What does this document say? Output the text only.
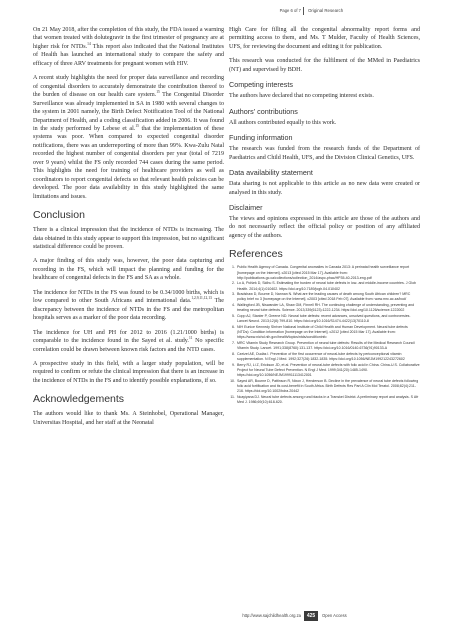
Page 6 of 7 Original Research

On 21 May 2018, after the completion of this study, the FDA issued a warning that women treated with dolutegravir in the first trimester of pregnancy are at higher risk for NTDs.$^{14}$ This report also indicated that the National Institutes of Health has launched an international study to compare the safety and efficacy of three ARV treatments for pregnant women with HIV.

A recent study highlights the need for proper data surveillance and recording of congenital disorders to accurately demonstrate the contribution thereof to the burden of disease on our health care system.$^{15}$ The Congenital Disorder Surveillance was already implemented in SA in 1980 with several changes to the system in 2001 namely, the Birth Defect Notification Tool of the National Department of Health, and a coding classification added in 2006. It was found in the study performed by Lebese et al.$^{15}$ that the implementation of these systems was poor. When compared to expected congenital disorder notifications, there was an underreporting of more than 99%. Kwa-Zulu Natal recorded the highest number of congenital disorders per year (total of 7219 over 9 years) whilst the FS only recorded 744 cases during the same period. This highlights the need for training of healthcare providers as well as coordinators to report congenital defects so that relevant health policies can be developed. The poor data availability in this study highlighted the same limitations and issues.

Conclusion

There is a clinical impression that the incidence of NTDs is increasing. The data obtained in this study appear to support this impression, but no significant statistical difference could be proven.

A major finding of this study was, however, the poor data capturing and recording in the FS, which will impact the planning and funding for the healthcare of congenital defects in the FS and SA as a whole.

The incidence for NTDs in the FS was found to be 0.34/1000 births, which is low compared to other South Africans and international data.$^{1,2,9,11,12,13}$ The discrepancy between the incidence of NTDs in the FS and the metropolitan hospitals serves as a marker of the poor data recording.

The incidence for UH and PH for 2012 to 2016 (1.21/1000 births) is comparable to the incidence found in the Sayed et al. study.$^{11}$ No specific correlation could be drawn between known risk factors and the NTD cases.

A prospective study in this field, with a larger study population, will be required to confirm or refute the clinical impression that there is an increase in the incidence of NTDs in the FS and to identify possible explanations, if so.

Acknowledgements

The authors would like to thank Ms. A Steinhobel, Operational Manager, Universitas Hospital, and her staff at the Neonatal

High Care for filling all the congenital abnormality report forms and permitting access to them, and Ms. T Mulder, Faculty of Health Sciences, UFS, for reviewing the document and editing it for publication.

This research was conducted for the fulfilment of the MMed in Paediatrics (NT) and supervised by BDH.

Competing interests

The authors have declared that no competing interest exists.

Authors’ contributions

All authors contributed equally to this work.

Funding information

The research was funded from the research funds of the Department of Paediatrics and Child Health, UFS, and the Division Clinical Genetics, UFS.

Data availability statement

Data sharing is not applicable to this article as no new data were created or analysed in this study.

Disclaimer

The views and opinions expressed in this article are those of the authors and do not necessarily reflect the official policy or position of any affiliated agency of the authors.

References
1. Public Health Agency of Canada. Congenital anomalies in Canada 2013: A perinatal health surveillance report [homepage on the Internet]. c2013 [cited 2015 Mar 17]. Available from: http://publications.gc.ca/collections/collection_2014/aspc-phac/HP35-40-2013-eng.pdf
2. Lo A, Polšek D, Sidhu S. Estimating the burden of neural tube defects in low- and middle-income countries. J Glob Health. 2014;4(1):010402. https://doi.org/10.7189/jogh.04.010402
3. Bradshaw D, Bourne D, Nannan N. What are the leading causes of death among South African children? MRC policy brief no 3 [homepage on the Internet]. c2003 [cited 2018 Feb 07]. Available from: www.mrc.ac.za/bod/
4. Wallingford JB, Niswander LA, Shaw GM, Finnell RH. The continuing challenge of understanding, preventing and treating neural tube defects. Science. 2013;339(6123):1222-1234. https://doi.org/10.1126/science.1222002
5. Copp AJ, Stanier P, Greene ND. Neural tube defects: recent advances, unsolved questions, and controversies. Lancet Neurol. 2013;12(8):799-810. https://doi.org/10.1016/S1474-4422(13)70110-8
6. NIH Eunice Kennedy Shriver National Institute of Child Health and Human Development. Neural tube defects (NTDs): Condition information [homepage on the Internet]. c2012 [cited 2015 Mar 17]. Available from: https://www.nichd.nih.gov/health/topics/ntds/conditioninfo
7. MRC Vitamin Study Research Group. Prevention of neural tube defects: Results of the Medical Research Council Vitamin Study. Lancet. 1991;338(8760):131-137. https://doi.org/10.1016/0140-6736(91)90133-A
8. Czeizel AE, Dudás I. Prevention of the first occurrence of neural-tube defects by periconceptional vitamin supplementation. N Engl J Med. 1992;327(26):1832-1835. https://doi.org/10.1056/NEJM199212243272602
9. Berry RJ, Li Z, Erickson JD, et al. Prevention of neural-tube defects with folic acid in China. China-U.S. Collaborative Project for Neural Tube Defect Prevention. N Engl J Med. 1999;341(20):1485-1490. https://doi.org/10.1056/NEJM199911113412001
10. Sayed AR, Bourne D, Pattinson R, Nixon J, Henderson B. Decline in the prevalence of neural tube defects following folic acid fortification and its cost-benefit in South Africa. Birth Defects Res Part A Clin Mol Teratol. 2008;82(4):211-216. https://doi.org/10.1002/bdra.20442
11. Ncayiyana DJ. Neural tube defects among rural blacks in a Transkei District. A preliminary report and analysis. S Afr Med J. 1986;69(10):618-620.
http://www.sajchildhealth.org.za	425	Open Access
